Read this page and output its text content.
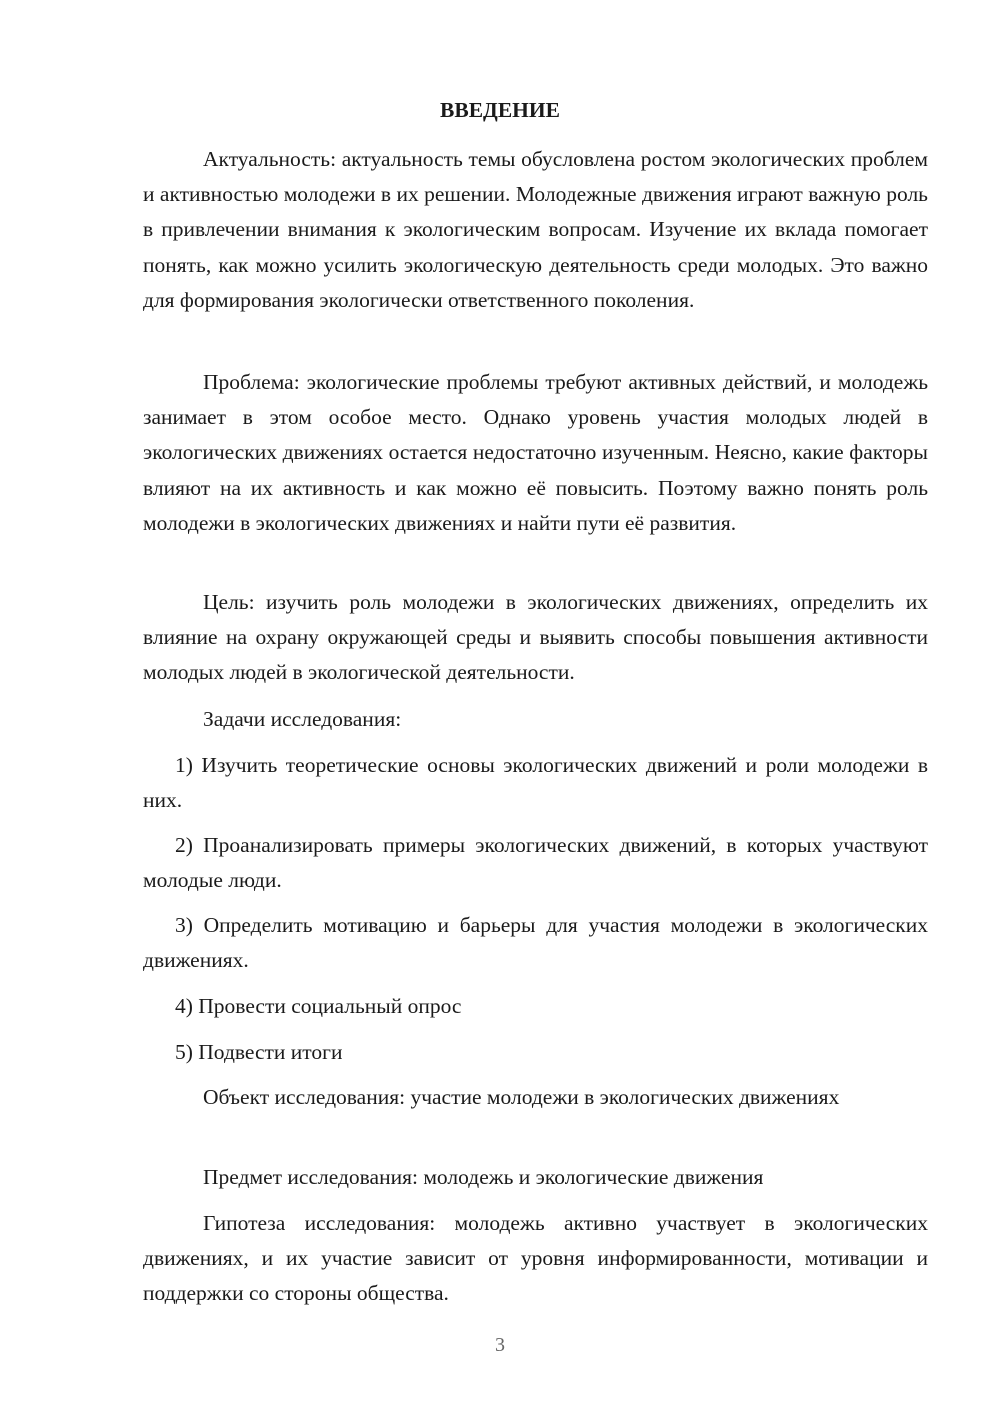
ВВЕДЕНИЕ

Актуальность: актуальность темы обусловлена ростом экологических проблем и активностью молодежи в их решении. Молодежные движения играют важную роль в привлечении внимания к экологическим вопросам. Изучение их вклада помогает понять, как можно усилить экологическую деятельность среди молодых. Это важно для формирования экологически ответственного поколения.

Проблема: экологические проблемы требуют активных действий, и молодежь занимает в этом особое место. Однако уровень участия молодых людей в экологических движениях остается недостаточно изученным. Неясно, какие факторы влияют на их активность и как можно её повысить. Поэтому важно понять роль молодежи в экологических движениях и найти пути её развития.

Цель: изучить роль молодежи в экологических движениях, определить их влияние на охрану окружающей среды и выявить способы повышения активности молодых людей в экологической деятельности.

Задачи исследования:

1) Изучить теоретические основы экологических движений и роли молодежи в них.

2) Проанализировать примеры экологических движений, в которых участвуют молодые люди.

3) Определить мотивацию и барьеры для участия молодежи в экологических движениях.

4) Провести социальный опрос

5) Подвести итоги

Объект исследования: участие молодежи в экологических движениях

Предмет исследования: молодежь и экологические движения

Гипотеза исследования: молодежь активно участвует в экологических движениях, и их участие зависит от уровня информированности, мотивации и поддержки со стороны общества.

3
